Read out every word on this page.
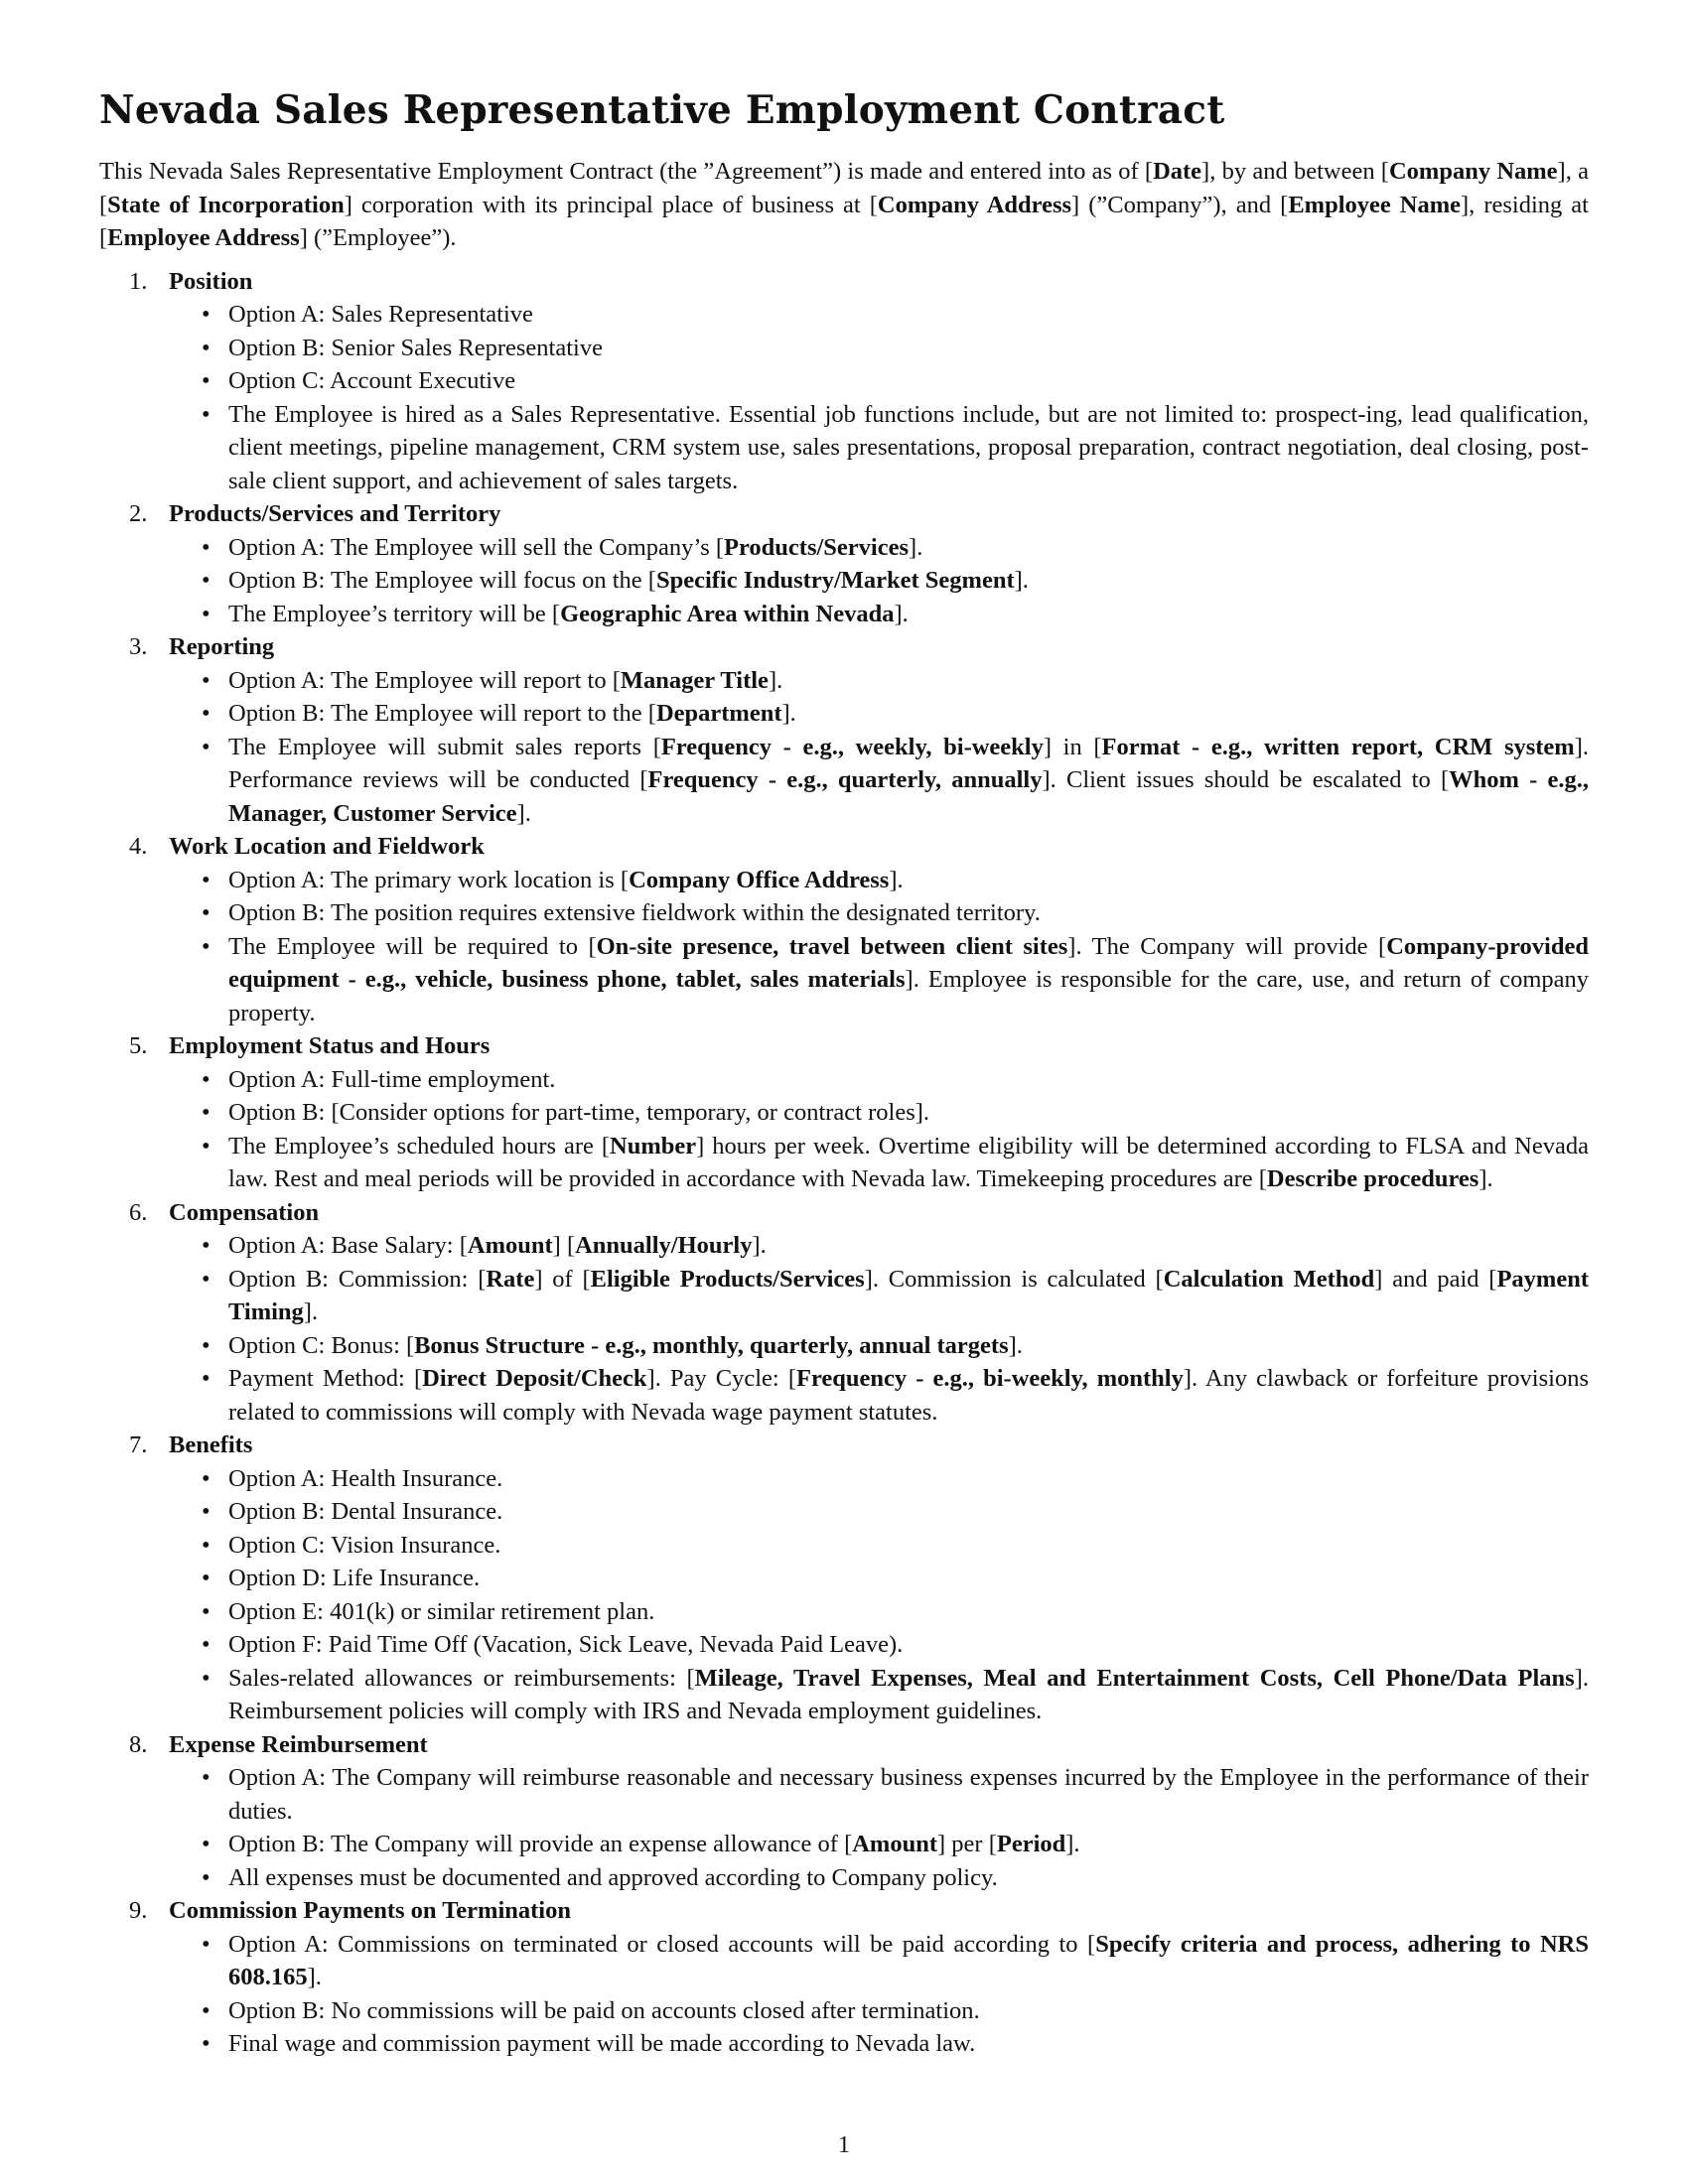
Nevada Sales Representative Employment Contract

This Nevada Sales Representative Employment Contract (the ”Agreement”) is made and entered into as of [Date], by and between [Company Name], a [State of Incorporation] corporation with its principal place of business at [Company Address] (”Company”), and [Employee Name], residing at [Employee Address] (”Employee”).

1. Position
• Option A: Sales Representative
• Option B: Senior Sales Representative
• Option C: Account Executive
• The Employee is hired as a Sales Representative. Essential job functions include, but are not limited to: prospect-ing, lead qualification, client meetings, pipeline management, CRM system use, sales presentations, proposal preparation, contract negotiation, deal closing, post-sale client support, and achievement of sales targets.
2. Products/Services and Territory
• Option A: The Employee will sell the Company’s [Products/Services].
• Option B: The Employee will focus on the [Specific Industry/Market Segment].
• The Employee’s territory will be [Geographic Area within Nevada].
3. Reporting
• Option A: The Employee will report to [Manager Title].
• Option B: The Employee will report to the [Department].
• The Employee will submit sales reports [Frequency - e.g., weekly, bi-weekly] in [Format - e.g., written report, CRM system]. Performance reviews will be conducted [Frequency - e.g., quarterly, annually]. Client issues should be escalated to [Whom - e.g., Manager, Customer Service].
4. Work Location and Fieldwork
• Option A: The primary work location is [Company Office Address].
• Option B: The position requires extensive fieldwork within the designated territory.
• The Employee will be required to [On-site presence, travel between client sites]. The Company will provide [Company-provided equipment - e.g., vehicle, business phone, tablet, sales materials]. Employee is responsible for the care, use, and return of company property.
5. Employment Status and Hours
• Option A: Full-time employment.
• Option B: [Consider options for part-time, temporary, or contract roles].
• The Employee’s scheduled hours are [Number] hours per week. Overtime eligibility will be determined according to FLSA and Nevada law. Rest and meal periods will be provided in accordance with Nevada law. Timekeeping procedures are [Describe procedures].
6. Compensation
• Option A: Base Salary: [Amount] [Annually/Hourly].
• Option B: Commission: [Rate] of [Eligible Products/Services]. Commission is calculated [Calculation Method] and paid [Payment Timing].
• Option C: Bonus: [Bonus Structure - e.g., monthly, quarterly, annual targets].
• Payment Method: [Direct Deposit/Check]. Pay Cycle: [Frequency - e.g., bi-weekly, monthly]. Any clawback or forfeiture provisions related to commissions will comply with Nevada wage payment statutes.
7. Benefits
• Option A: Health Insurance.
• Option B: Dental Insurance.
• Option C: Vision Insurance.
• Option D: Life Insurance.
• Option E: 401(k) or similar retirement plan.
• Option F: Paid Time Off (Vacation, Sick Leave, Nevada Paid Leave).
• Sales-related allowances or reimbursements: [Mileage, Travel Expenses, Meal and Entertainment Costs, Cell Phone/Data Plans]. Reimbursement policies will comply with IRS and Nevada employment guidelines.
8. Expense Reimbursement
• Option A: The Company will reimburse reasonable and necessary business expenses incurred by the Employee in the performance of their duties.
• Option B: The Company will provide an expense allowance of [Amount] per [Period].
• All expenses must be documented and approved according to Company policy.
9. Commission Payments on Termination
• Option A: Commissions on terminated or closed accounts will be paid according to [Specify criteria and process, adhering to NRS 608.165].
• Option B: No commissions will be paid on accounts closed after termination.
• Final wage and commission payment will be made according to Nevada law.
1
